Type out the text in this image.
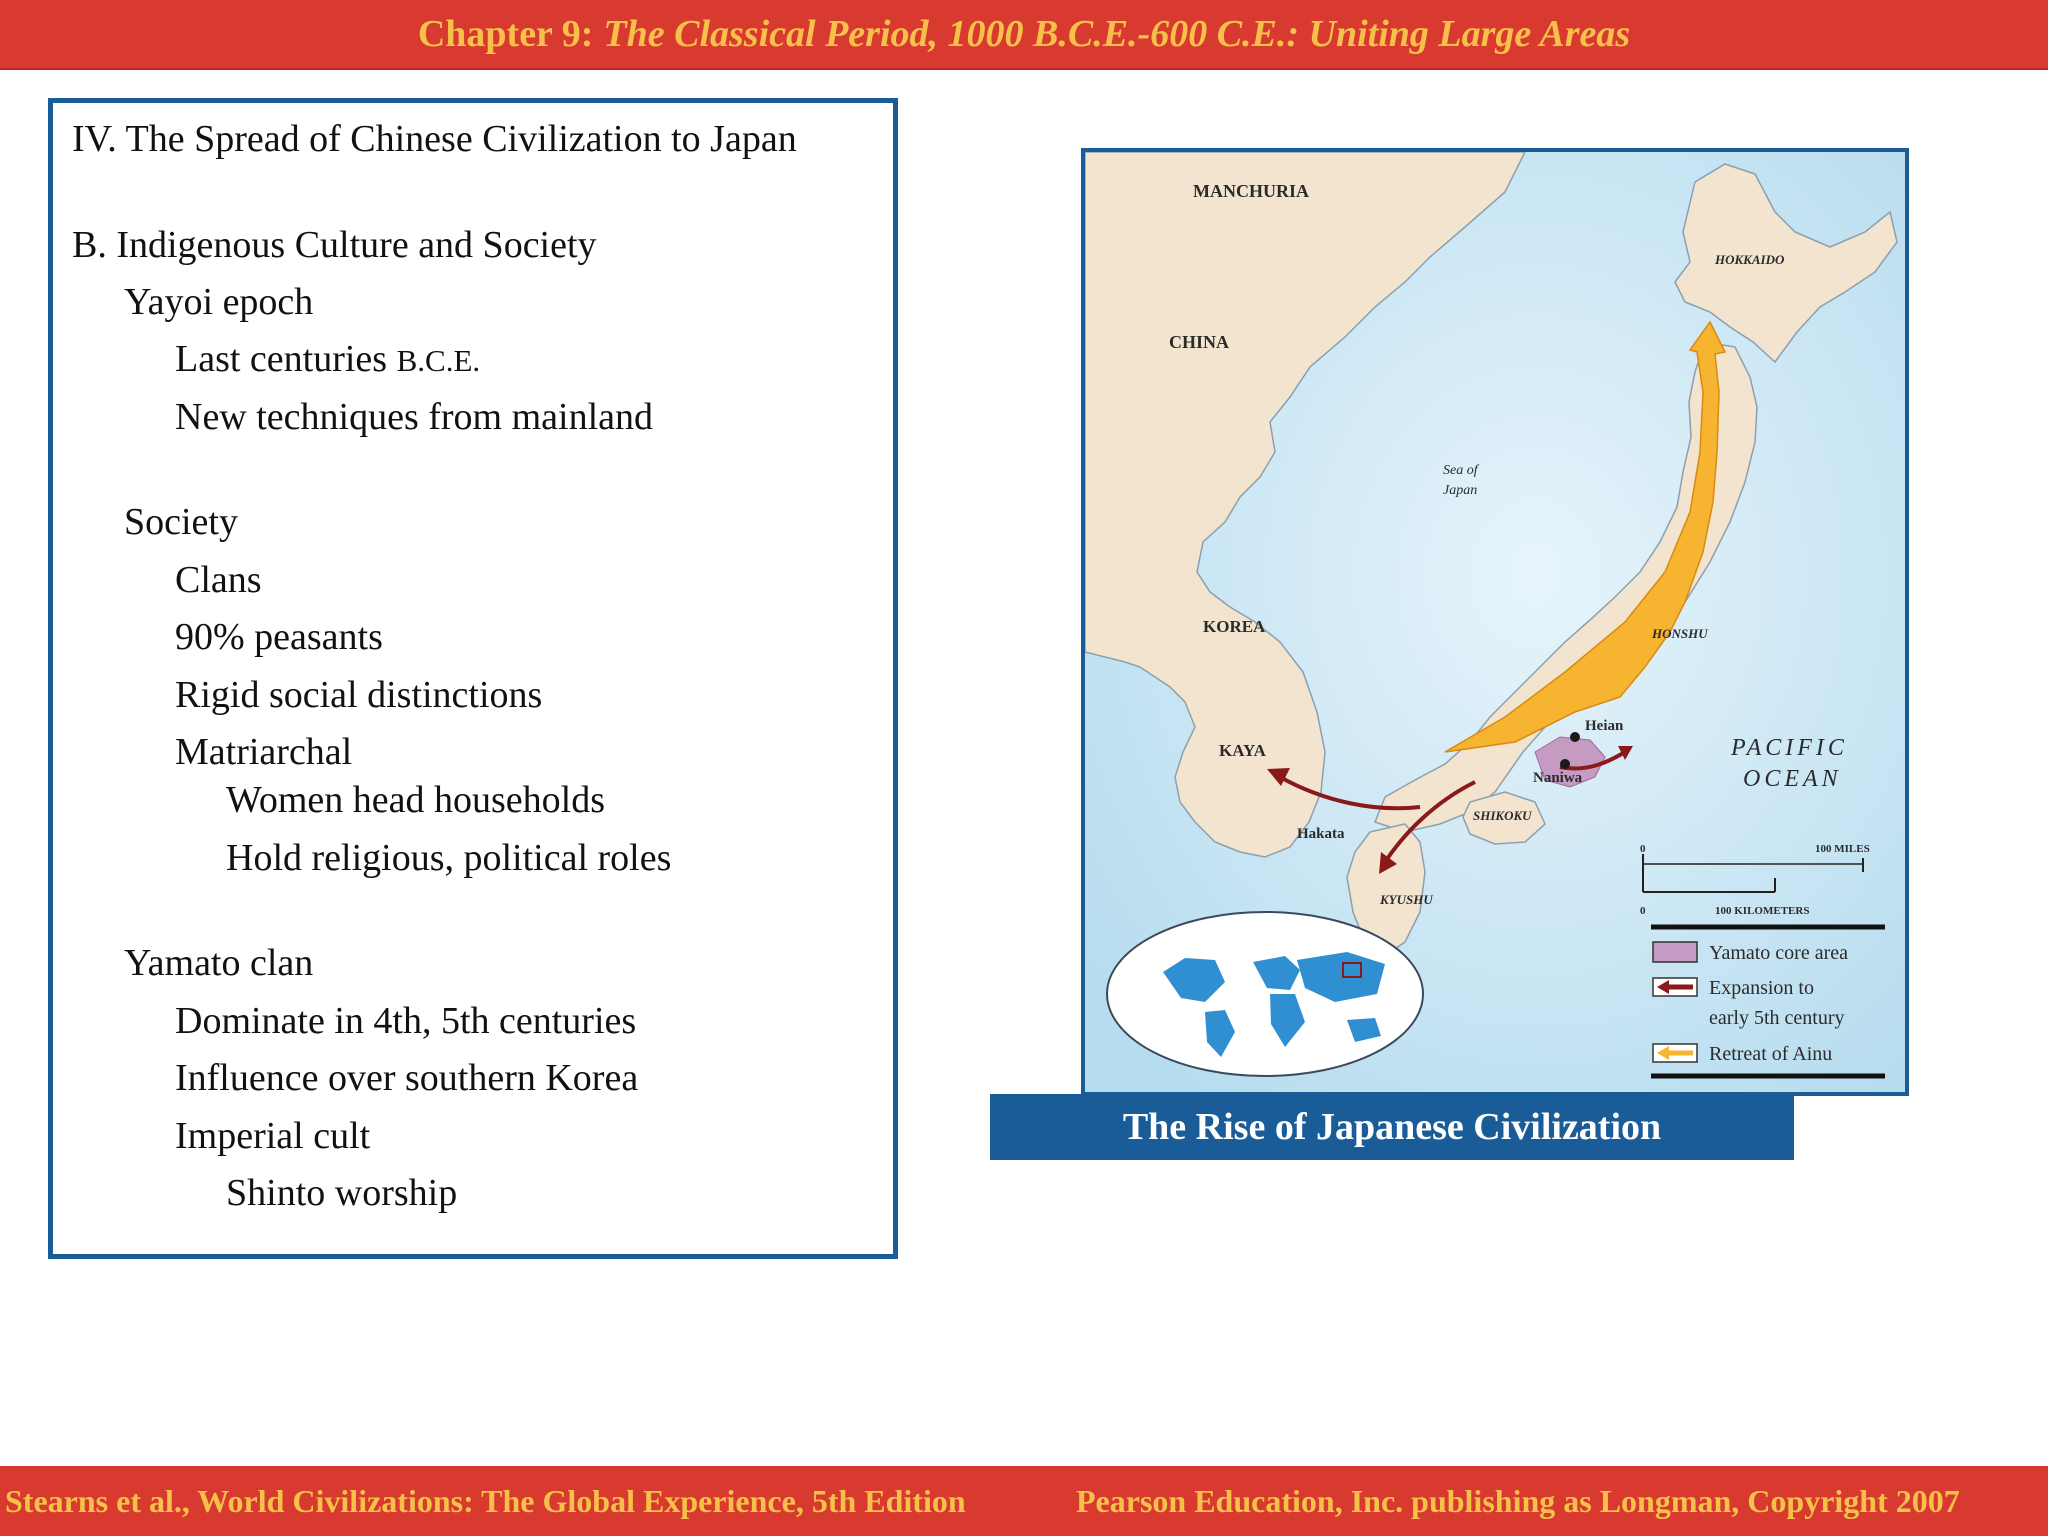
Chapter 9: The Classical Period, 1000 B.C.E.-600 C.E.: Uniting Large Areas
IV. The Spread of Chinese Civilization to Japan
B. Indigenous Culture and Society
Yayoi epoch
Last centuries B.C.E.
New techniques from mainland
Society
Clans
90% peasants
Rigid social distinctions
Matriarchal
Women head households
Hold religious, political roles
Yamato clan
Dominate in 4th, 5th centuries
Influence over southern Korea
Imperial cult
Shinto worship
MANCHURIA
CHINA
KOREA
KAYA
HOKKAIDO
HONSHU
SHIKOKU
KYUSHU
Heian
Naniwa
Hakata
Sea of
Japan
PACIFIC
OCEAN
0	100 MILES
0	100 KILOMETERS
Yamato core area
Expansion to
early 5th century
Retreat of Ainu
The Rise of Japanese Civilization
Stearns et al., World Civilizations: The Global Experience, 5th Edition	Pearson Education, Inc. publishing as Longman, Copyright 2007
